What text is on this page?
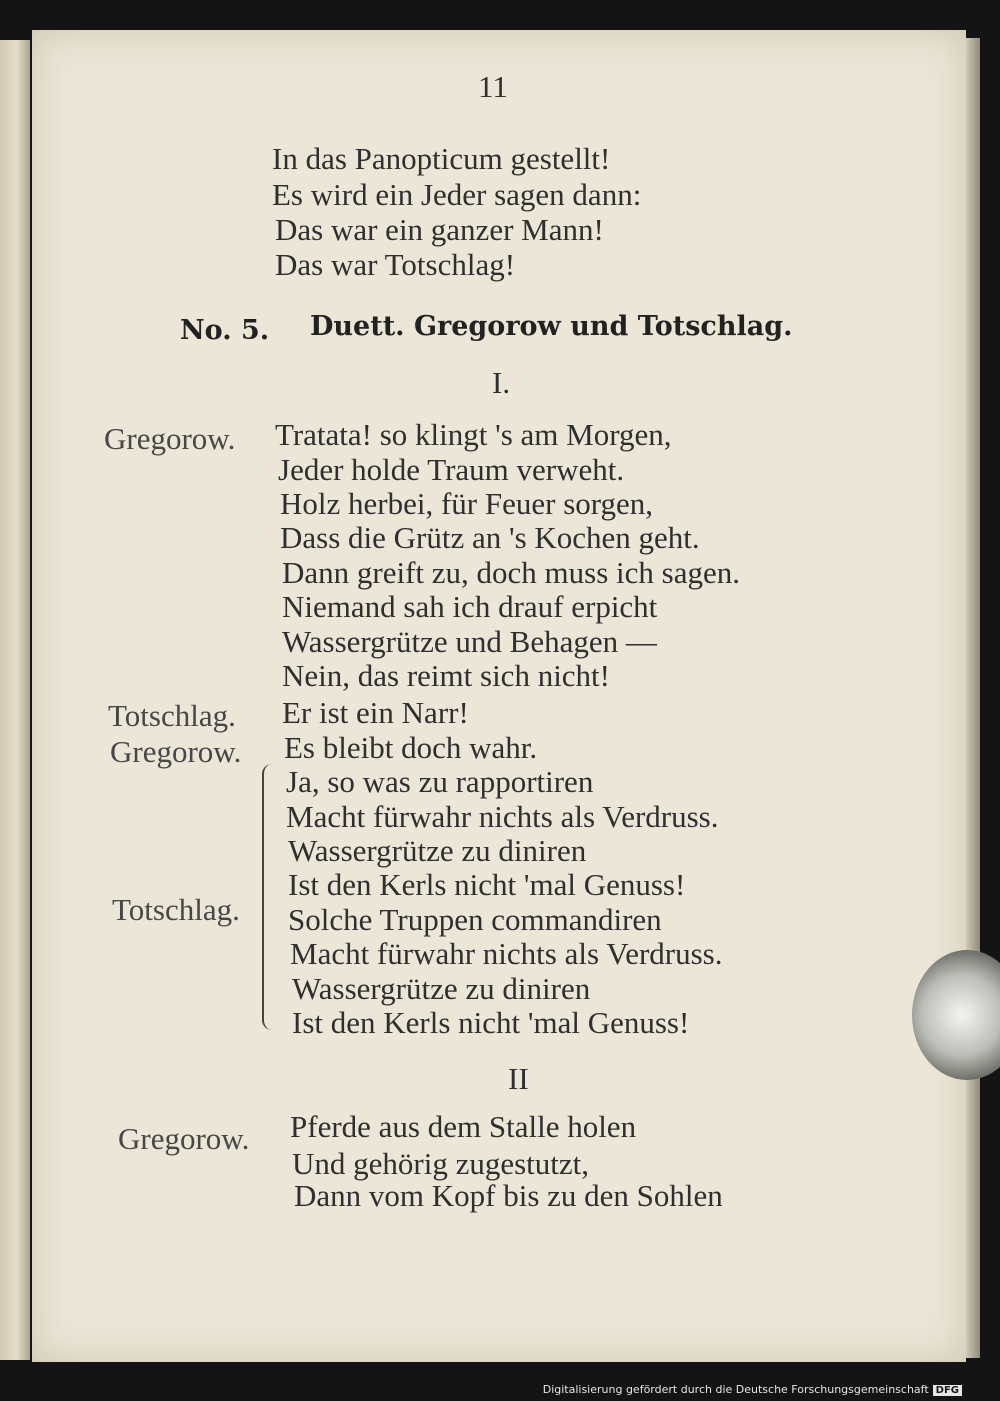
11
In das Panopticum gestellt!
Es wird ein Jeder sagen dann:
Das war ein ganzer Mann!
Das war Totschlag!
No. 5. Duett. Gregorow und Totschlag.
I.
Gregorow. Tratata! so klingt 's am Morgen,
Jeder holde Traum verweht.
Holz herbei, für Feuer sorgen,
Dass die Grütz an 's Kochen geht.
Dann greift zu, doch muss ich sagen.
Niemand sah ich drauf erpicht
Wassergrütze und Behagen —
Nein, das reimt sich nicht!
Totschlag. Er ist ein Narr!
Gregorow. Es bleibt doch wahr.
Totschlag.
Ja, so was zu rapportiren
Macht fürwahr nichts als Verdruss.
Wassergrütze zu diniren
Ist den Kerls nicht 'mal Genuss!
Solche Truppen commandiren
Macht fürwahr nichts als Verdruss.
Wassergrütze zu diniren
Ist den Kerls nicht 'mal Genuss!
II
Gregorow. Pferde aus dem Stalle holen
Und gehörig zugestutzt,
Dann vom Kopf bis zu den Sohlen
Digitalisierung gefördert durch die Deutsche Forschungsgemeinschaft DFG
